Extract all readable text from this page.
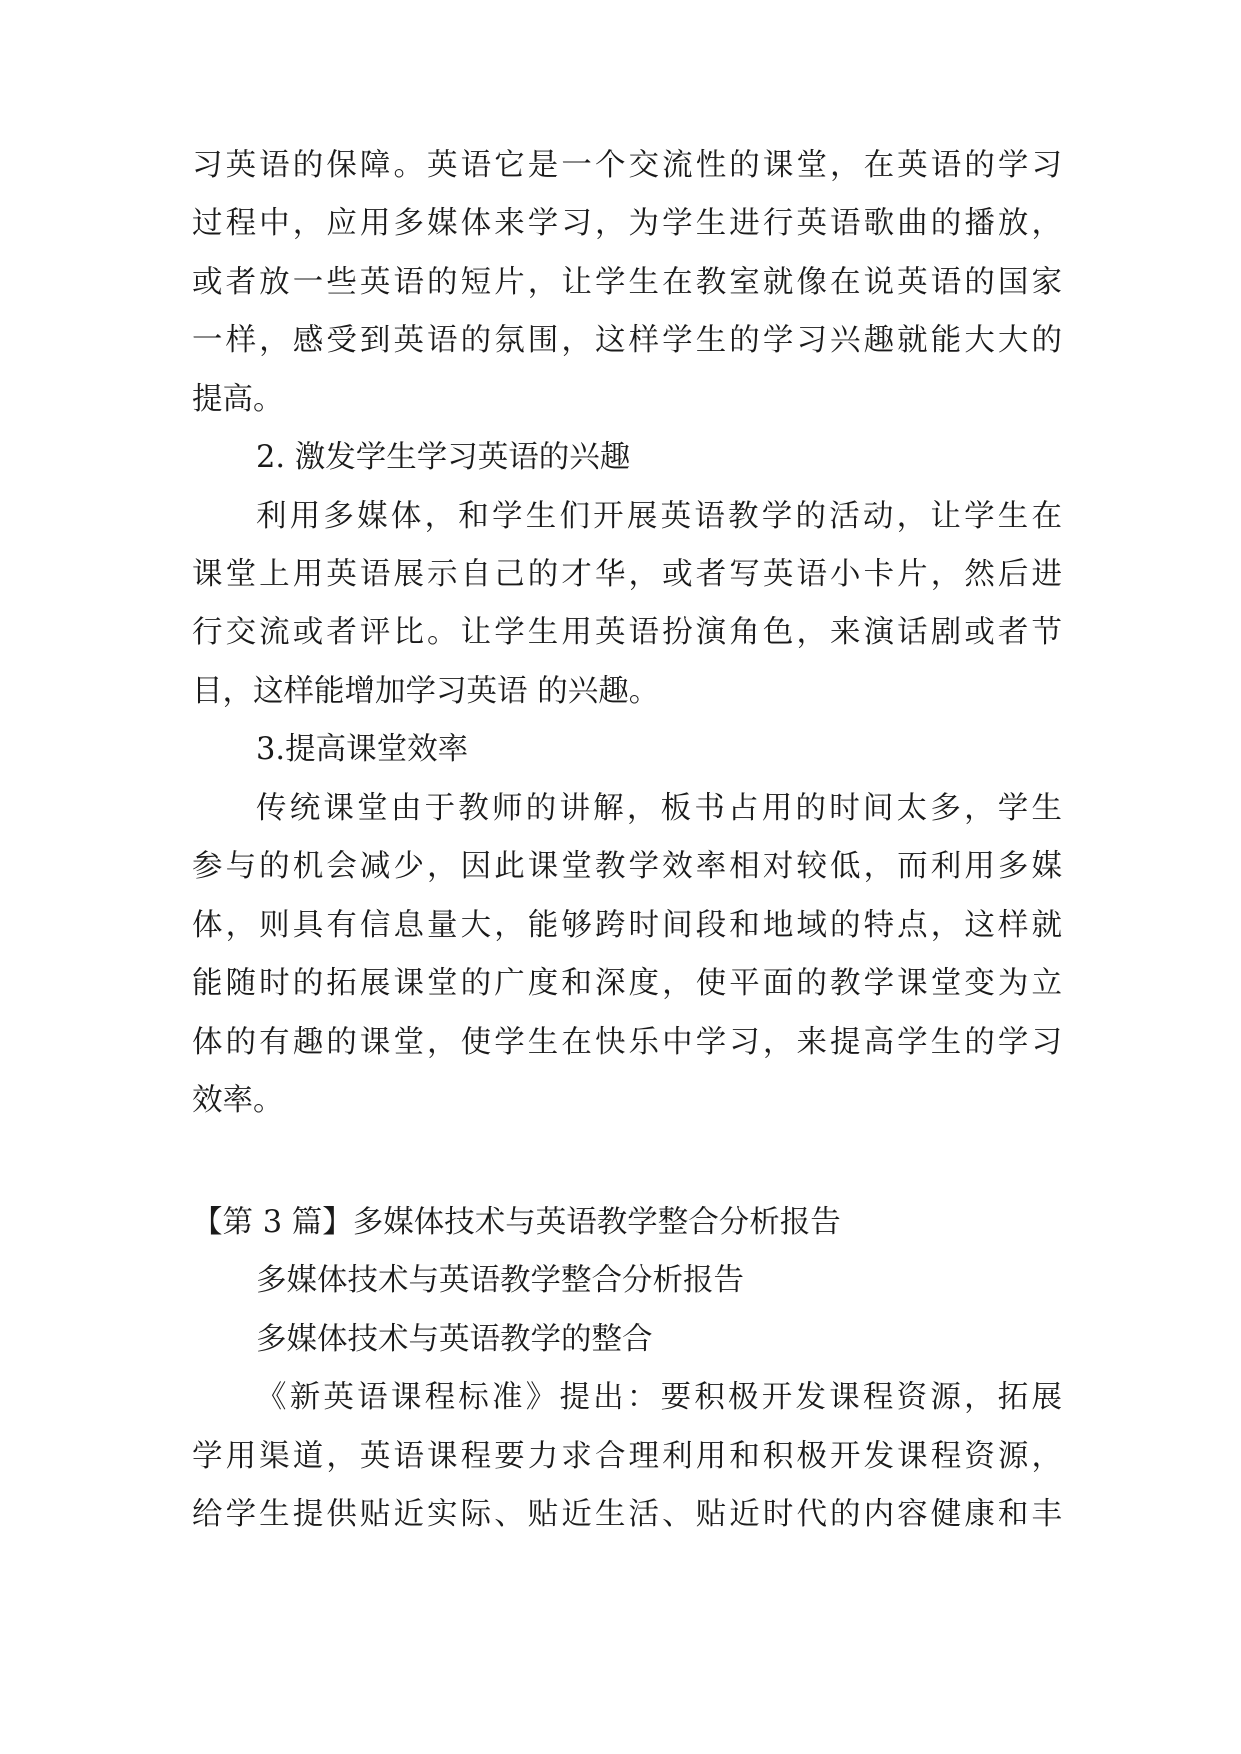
习英语的保障。英语它是一个交流性的课堂，在英语的学习
过程中，应用多媒体来学习，为学生进行英语歌曲的播放，
或者放一些英语的短片，让学生在教室就像在说英语的国家
一样，感受到英语的氛围，这样学生的学习兴趣就能大大的
提高。
2. 激发学生学习英语的兴趣
利用多媒体，和学生们开展英语教学的活动，让学生在
课堂上用英语展示自己的才华，或者写英语小卡片，然后进
行交流或者评比。让学生用英语扮演角色，来演话剧或者节
目，这样能增加学习英语 的兴趣。
3.提高课堂效率
传统课堂由于教师的讲解，板书占用的时间太多，学生
参与的机会减少，因此课堂教学效率相对较低，而利用多媒
体，则具有信息量大，能够跨时间段和地域的特点，这样就
能随时的拓展课堂的广度和深度，使平面的教学课堂变为立
体的有趣的课堂，使学生在快乐中学习，来提高学生的学习
效率。
【第 3 篇】多媒体技术与英语教学整合分析报告
多媒体技术与英语教学整合分析报告
多媒体技术与英语教学的整合
《新英语课程标准》提出：要积极开发课程资源，拓展
学用渠道，英语课程要力求合理利用和积极开发课程资源，
给学生提供贴近实际、贴近生活、贴近时代的内容健康和丰
